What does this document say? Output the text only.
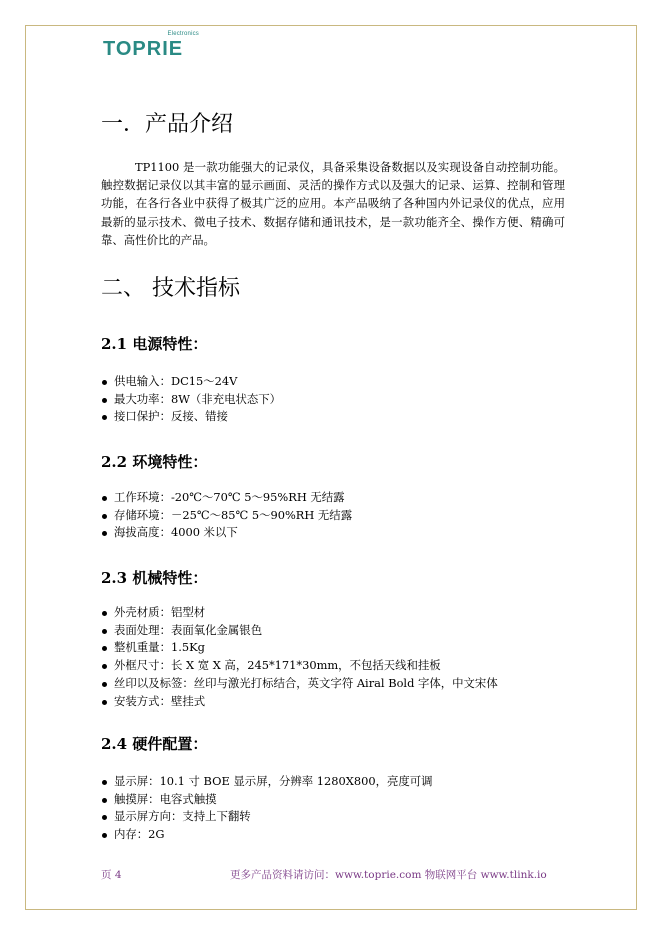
Electronics
TOPRIE
一．产品介绍
TP1100 是一款功能强大的记录仪，具备采集设备数据以及实现设备自动控制功能。触控数据记录仪以其丰富的显示画面、灵活的操作方式以及强大的记录、运算、控制和管理功能，在各行各业中获得了极其广泛的应用。本产品吸纳了各种国内外记录仪的优点，应用最新的显示技术、微电子技术、数据存储和通讯技术，是一款功能齐全、操作方便、精确可靠、高性价比的产品。
二、 技术指标
2.1 电源特性：
供电输入：DC15～24V
最大功率：8W（非充电状态下）
接口保护：反接、错接
2.2 环境特性：
工作环境：-20℃～70℃ 5～95%RH 无结露
存储环境：－25℃～85℃ 5～90%RH 无结露
海拔高度：4000 米以下
2.3 机械特性：
外壳材质：铝型材
表面处理：表面氧化金属银色
整机重量：1.5Kg
外框尺寸：长 X 宽 X 高，245*171*30mm，不包括天线和挂板
丝印以及标签：丝印与激光打标结合，英文字符 Airal Bold 字体，中文宋体
安装方式：壁挂式
2.4 硬件配置：
显示屏：10.1 寸 BOE 显示屏，分辨率 1280X800，亮度可调
触摸屏：电容式触摸
显示屏方向：支持上下翻转
内存：2G
页 4	更多产品资料请访问：www.toprie.com 物联网平台 www.tlink.io
